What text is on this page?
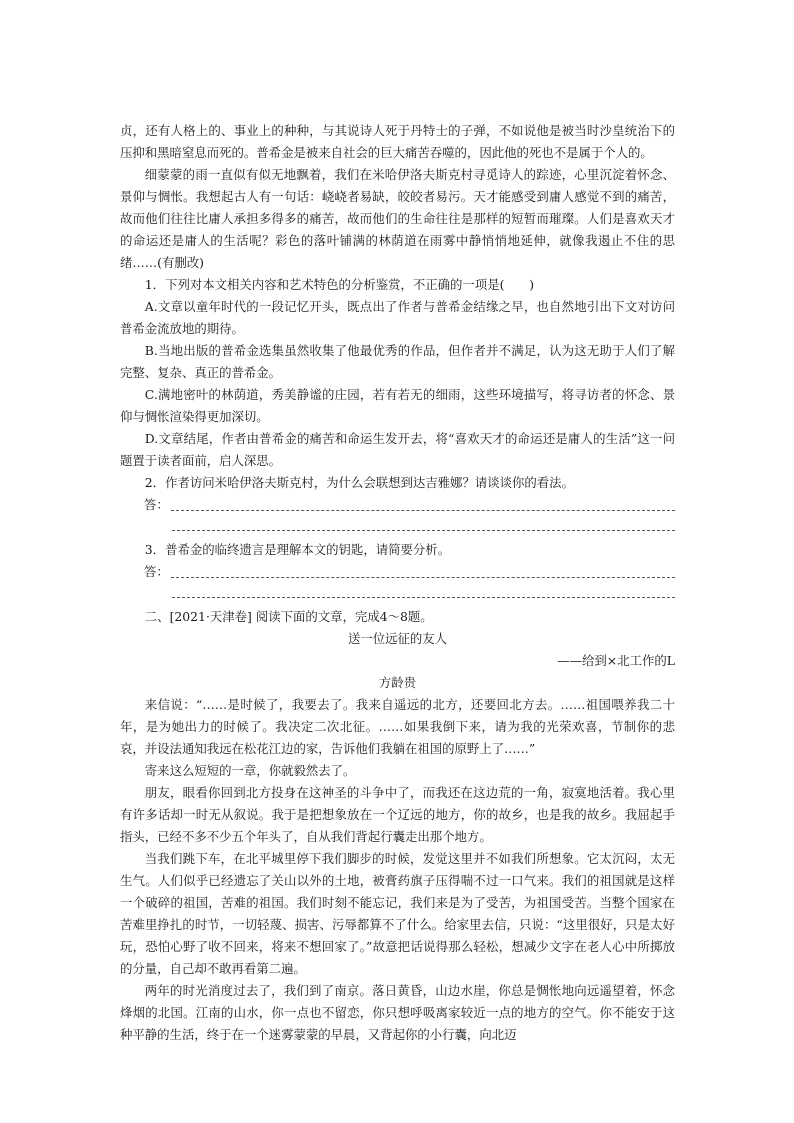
贞，还有人格上的、事业上的种种，与其说诗人死于丹特士的子弹，不如说他是被当时沙皇统治下的压抑和黑暗窒息而死的。普希金是被来自社会的巨大痛苦吞噬的，因此他的死也不是属于个人的。

细蒙蒙的雨一直似有似无地飘着，我们在米哈伊洛夫斯克村寻觅诗人的踪迹，心里沉淀着怀念、景仰与惆怅。我想起古人有一句话：峣峣者易缺，皎皎者易污。天才能感受到庸人感觉不到的痛苦，故而他们往往比庸人承担多得多的痛苦，故而他们的生命往往是那样的短暂而璀璨。人们是喜欢天才的命运还是庸人的生活呢？彩色的落叶铺满的林荫道在雨雾中静悄悄地延伸，就像我遏止不住的思绪……(有删改)

1．下列对本文相关内容和艺术特色的分析鉴赏，不正确的一项是(　　)

A.文章以童年时代的一段记忆开头，既点出了作者与普希金结缘之早，也自然地引出下文对访问普希金流放地的期待。

B.当地出版的普希金选集虽然收集了他最优秀的作品，但作者并不满足，认为这无助于人们了解完整、复杂、真正的普希金。

C.满地密叶的林荫道，秀美静谧的庄园，若有若无的细雨，这些环境描写，将寻访者的怀念、景仰与惆怅渲染得更加深切。

D.文章结尾，作者由普希金的痛苦和命运生发开去，将“喜欢天才的命运还是庸人的生活”这一问题置于读者面前，启人深思。

2．作者访问米哈伊洛夫斯克村，为什么会联想到达吉雅娜？请谈谈你的看法。

答：

3．普希金的临终遗言是理解本文的钥匙，请简要分析。

答：

二、[2021·天津卷] 阅读下面的文章，完成4～8题。

送一位远征的友人

——给到×北工作的L

方龄贵

来信说：“……是时候了，我要去了。我来自遥远的北方，还要回北方去。……祖国喂养我二十年，是为她出力的时候了。我决定二次北征。……如果我倒下来，请为我的光荣欢喜，节制你的悲哀，并设法通知我远在松花江边的家，告诉他们我躺在祖国的原野上了……”

寄来这么短短的一章，你就毅然去了。

朋友，眼看你回到北方投身在这神圣的斗争中了，而我还在这边荒的一角，寂寞地活着。我心里有许多话却一时无从叙说。我于是把想象放在一个辽远的地方，你的故乡，也是我的故乡。我屈起手指头，已经不多不少五个年头了，自从我们背起行囊走出那个地方。

当我们跳下车，在北平城里停下我们脚步的时候，发觉这里并不如我们所想象。它太沉闷，太无生气。人们似乎已经遗忘了关山以外的土地，被膏药旗子压得喘不过一口气来。我们的祖国就是这样一个破碎的祖国，苦难的祖国。我们时刻不能忘记，我们来是为了受苦，为祖国受苦。当整个国家在苦难里挣扎的时节，一切轻蔑、损害、污辱都算不了什么。给家里去信，只说：“这里很好，只是太好玩，恐怕心野了收不回来，将来不想回家了。”故意把话说得那么轻松，想减少文字在老人心中所掷放的分量，自己却不敢再看第二遍。

两年的时光消度过去了，我们到了南京。落日黄昏，山边水崖，你总是惆怅地向远遥望着，怀念烽烟的北国。江南的山水，你一点也不留恋，你只想呼吸离家较近一点的地方的空气。你不能安于这种平静的生活，终于在一个迷雾蒙蒙的早晨，又背起你的小行囊，向北迈
